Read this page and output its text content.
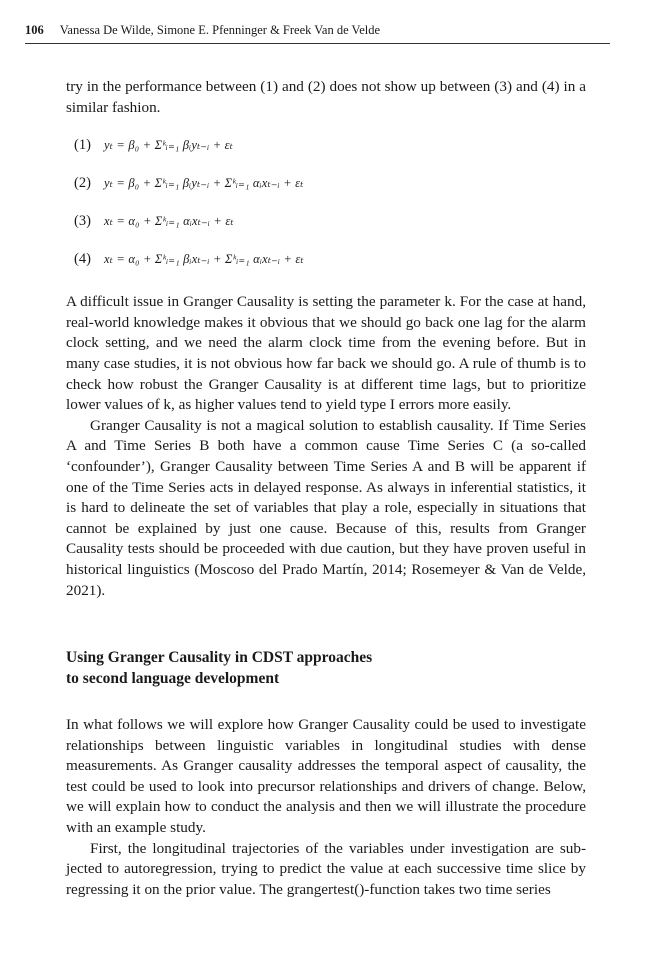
106 Vanessa De Wilde, Simone E. Pfenninger & Freek Van de Velde

try in the performance between (1) and (2) does not show up between (3) and (4) in a similar fashion.

(1)	yₜ = β₀ + Σᵏᵢ₌₁ βᵢyₜ₋ᵢ + εₜ
(2)	yₜ = β₀ + Σᵏᵢ₌₁ βᵢyₜ₋ᵢ + Σᵏᵢ₌₁ αᵢxₜ₋ᵢ + εₜ
(3)	xₜ = α₀ + Σᵏᵢ₌₁ αᵢxₜ₋ᵢ + εₜ
(4)	xₜ = α₀ + Σᵏᵢ₌₁ βᵢxₜ₋ᵢ + Σᵏᵢ₌₁ αᵢxₜ₋ᵢ + εₜ

A difficult issue in Granger Causality is setting the parameter k. For the case at hand, real-world knowledge makes it obvious that we should go back one lag for the alarm clock setting, and we need the alarm clock time from the evening before. But in many case studies, it is not obvious how far back we should go. A rule of thumb is to check how robust the Granger Causality is at different time lags, but to prioritize lower values of k, as higher values tend to yield type I errors more easily.

Granger Causality is not a magical solution to establish causality. If Time Series A and Time Series B both have a common cause Time Series C (a so-called ‘confounder’), Granger Causality between Time Series A and B will be apparent if one of the Time Series acts in delayed response. As always in inferential statistics, it is hard to delineate the set of variables that play a role, especially in situations that cannot be explained by just one cause. Because of this, results from Granger Causality tests should be proceeded with due caution, but they have proven useful in historical linguistics (Moscoso del Prado Martín, 2014; Rosemeyer & Van de Velde, 2021).

Using Granger Causality in CDST approaches
to second language development

In what follows we will explore how Granger Causality could be used to investigate relationships between linguistic variables in longitudinal studies with dense measurements. As Granger causality addresses the temporal aspect of causality, the test could be used to look into precursor relationships and drivers of change. Below, we will explain how to conduct the analysis and then we will illustrate the procedure with an example study.

First, the longitudinal trajectories of the variables under investigation are subjected to autoregression, trying to predict the value at each successive time slice by regressing it on the prior value. The grangertest()-function takes two time series
